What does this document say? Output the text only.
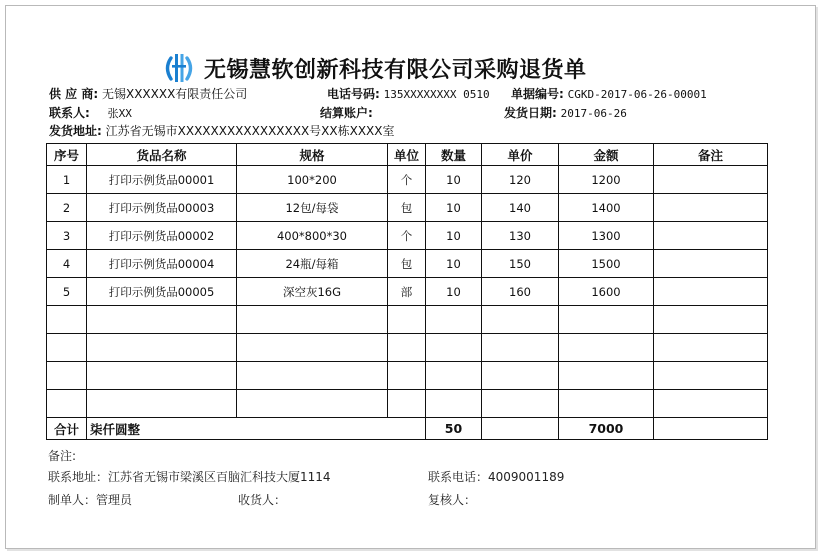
无锡慧软创新科技有限公司采购退货单
供 应 商: 无锡XXXXXX有限责任公司	电话号码: 135XXXXXXXX 0510 单据编号: CGKD-2017-06-26-00001
联系人: 张XX	结算账户:	发货日期: 2017-06-26
发货地址: 江苏省无锡市XXXXXXXXXXXXXXXX号XX栋XXXX室
序号	货品名称	规格	单位	数量	单价	金额	备注
1	打印示例货品00001	100*200	个	10	120	1200	
2	打印示例货品00003	12包/每袋	包	10	140	1400	
3	打印示例货品00002	400*800*30	个	10	130	1300	
4	打印示例货品00004	24瓶/每箱	包	10	150	1500	
5	打印示例货品00005	深空灰16G	部	10	160	1600	

合计	柒仟圆整			50		7000	
备注:
联系地址：江苏省无锡市梁溪区百脑汇科技大厦1114	联系电话：4009001189
制单人：管理员	收货人：	复核人：
